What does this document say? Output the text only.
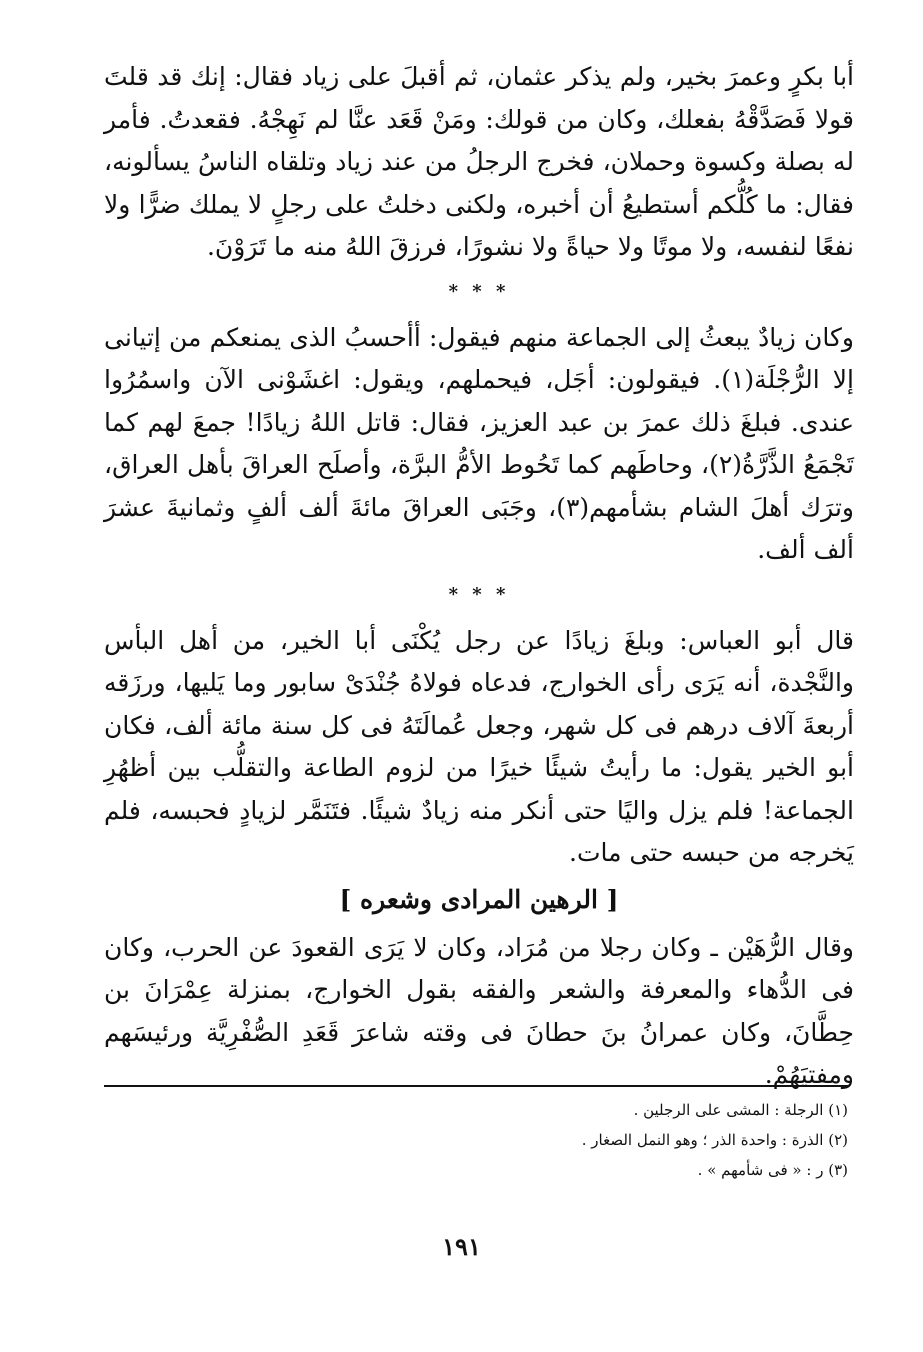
أبا بكرٍ وعمرَ بخير، ولم يذكر عثمان، ثم أقبلَ على زياد فقال: إنك قد قلتَ قولا فَصَدَّقْهُ بفعلك، وكان من قولك: ومَنْ قَعَد عنَّا لم نَهِجْهُ. فقعدتُ. فأمر له بصلة وكسوة وحملان، فخرج الرجلُ من عند زياد وتلقاه الناسُ يسألونه، فقال: ما كُلُّكم أستطيعُ أن أخبره، ولكنى دخلتُ على رجلٍ لا يملك ضرًّا ولا نفعًا لنفسه، ولا موتًا ولا حياةً ولا نشورًا، فرزقَ اللهُ منه ما تَرَوْنَ.

* * *

وكان زيادٌ يبعثُ إلى الجماعة منهم فيقول: أأحسبُ الذى يمنعكم من إتيانى إلا الرُّجْلَة(١). فيقولون: أجَل، فيحملهم، ويقول: اغشَوْنى الآن واسمُرُوا عندى. فبلغَ ذلك عمرَ بن عبد العزيز، فقال: قاتل اللهُ زيادًا! جمعَ لهم كما تَجْمَعُ الذَّرَّةُ(٢)، وحاطَهم كما تَحُوط الأمُّ البرَّة، وأصلَح العراقَ بأهل العراق، وترَك أهلَ الشام بشأمهم(٣)، وجَبَى العراقَ مائةَ ألف ألفٍ وثمانيةَ عشرَ ألف ألف.

* * *

قال أبو العباس: وبلغَ زيادًا عن رجل يُكْنَى أبا الخير، من أهل البأس والنَّجْدة، أنه يَرَى رأى الخوارج، فدعاه فولاهُ جُنْدَىْ سابور وما يَليها، ورزَقه أربعةَ آلاف درهم فى كل شهر، وجعل عُمالَتَهُ فى كل سنة مائة ألف، فكان أبو الخير يقول: ما رأيتُ شيئًا خيرًا من لزوم الطاعة والتقلُّب بين أظهُرِ الجماعة! فلم يزل واليًا حتى أنكر منه زيادٌ شيئًا. فتَنَمَّر لزيادٍ فحبسه، فلم يَخرجه من حبسه حتى مات.

[ الرهين المرادى وشعره ]

وقال الرُّهَيْن ـ وكان رجلا من مُرَاد، وكان لا يَرَى القعودَ عن الحرب، وكان فى الدُّهاء والمعرفة والشعر والفقه بقول الخوارج، بمنزلة عِمْرَانَ بن حِطَّانَ، وكان عمرانُ بنَ حطانَ فى وقته شاعرَ قَعَدِ الصُّفْرِيَّة ورئيسَهم ومفتيَهُمْ.

(١) الرجلة : المشى على الرجلين .

(٢) الذرة : واحدة الذر ؛ وهو النمل الصغار .

(٣) ر : « فى شأمهم » .

١٩١
